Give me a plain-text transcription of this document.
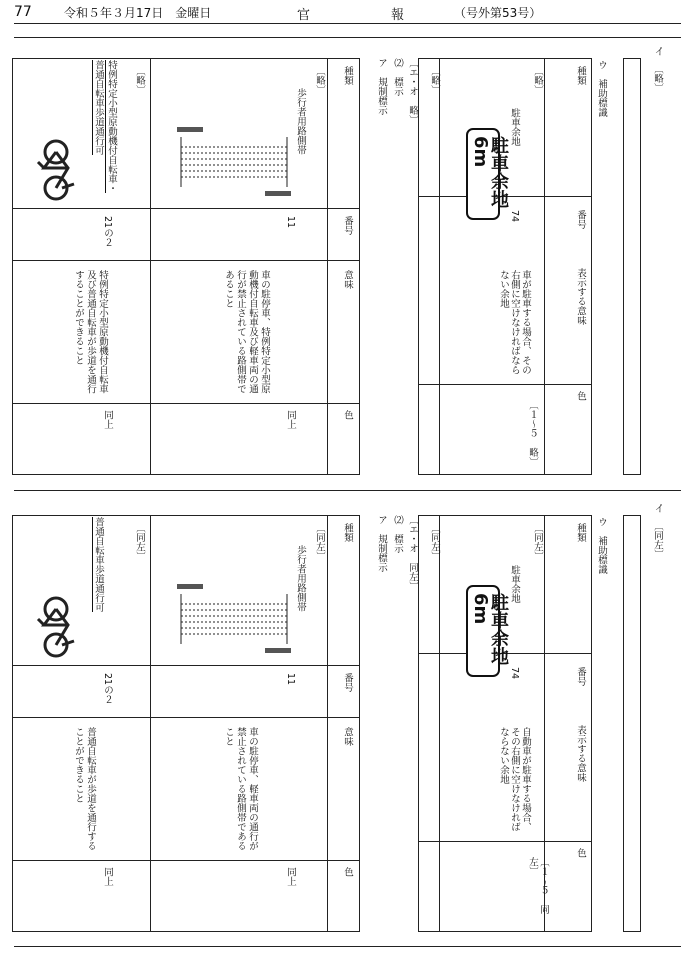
77	令和５年３月17日　金曜日	官　報 （号外第53号）
イ
〔略〕
ウ　補助標識
種類
番号
表示する意味
色
〔略〕
駐車余地
駐車余地6m
74
車が駐車する場合、その右側に空けなければならない余地
〔１～５　略〕
〔略〕
〔エ・オ　略〕
⑵　標示
ア　規制標示
種類
番号
意味
色
〔略〕
歩行者用路側帯
11
車の駐停車、特例特定小型原動機付自転車及び軽車両の通行が禁止されている路側帯であること
同上
〔略〕
特例特定小型原動機付自転車・普通自転車歩道通行可
21の２
特例特定小型原動機付自転車及び普通自転車が歩道を通行することができること
同上
イ
〔同左〕
ウ　補助標識
種類
番号
表示する意味
色
〔同左〕
駐車余地
駐車余地6m
74
自動車が駐車する場合、その右側に空けなければならない余地
〔１～５　同左〕
〔同左〕
〔エ・オ　同左〕
⑵　標示
ア　規制標示
種類
番号
意味
色
〔同左〕
歩行者用路側帯
11
車の駐停車、軽車両の通行が禁止されている路側帯であること
同上
〔同左〕
普通自転車歩道通行可
21の２
普通自転車が歩道を通行することができること
同上
